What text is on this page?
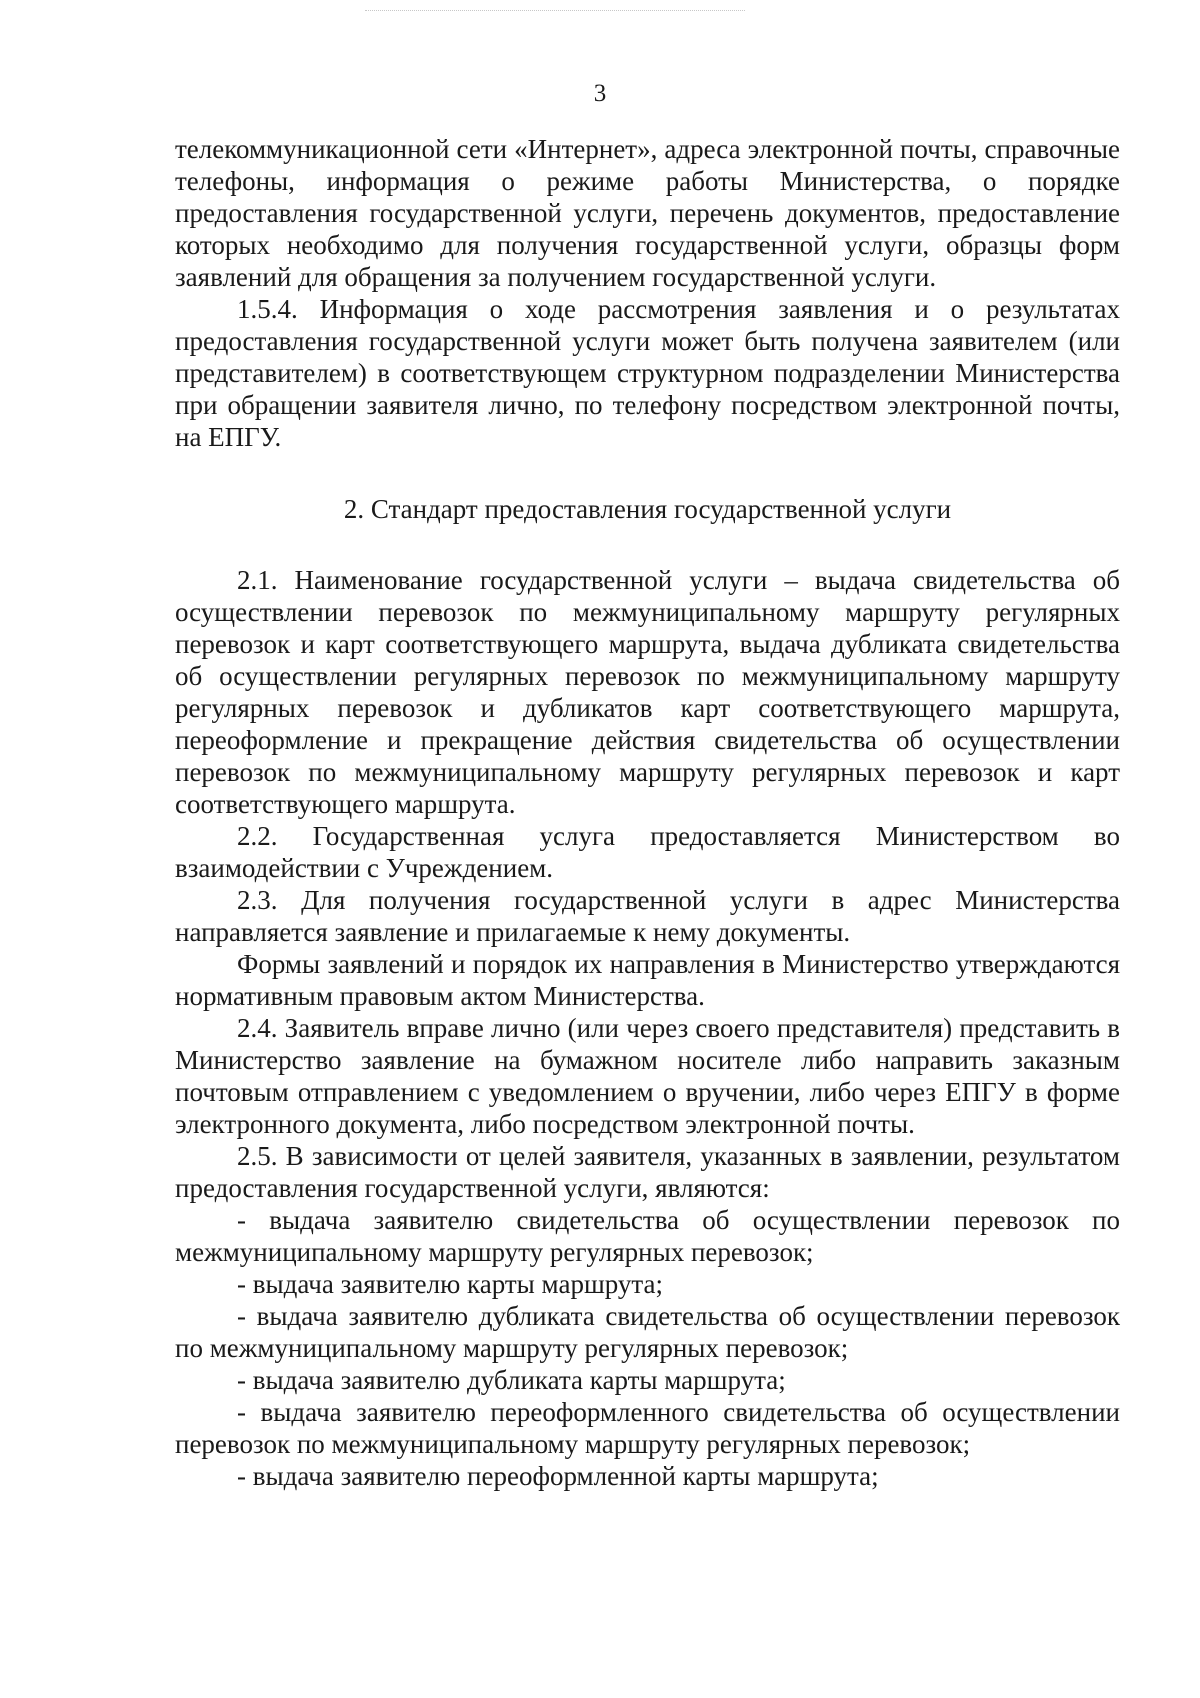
3

телекоммуникационной сети «Интернет», адреса электронной почты, справочные телефоны, информация о режиме работы Министерства, о порядке предоставления государственной услуги, перечень документов, предоставление которых необходимо для получения государственной услуги, образцы форм заявлений для обращения за получением государственной услуги.

1.5.4. Информация о ходе рассмотрения заявления и о результатах предоставления государственной услуги может быть получена заявителем (или представителем) в соответствующем структурном подразделении Министерства при обращении заявителя лично, по телефону посредством электронной почты, на ЕПГУ.

2. Стандарт предоставления государственной услуги

2.1. Наименование государственной услуги – выдача свидетельства об осуществлении перевозок по межмуниципальному маршруту регулярных перевозок и карт соответствующего маршрута, выдача дубликата свидетельства об осуществлении регулярных перевозок по межмуниципальному маршруту регулярных перевозок и дубликатов карт соответствующего маршрута, переоформление и прекращение действия свидетельства об осуществлении перевозок по межмуниципальному маршруту регулярных перевозок и карт соответствующего маршрута.

2.2. Государственная услуга предоставляется Министерством во взаимодействии с Учреждением.

2.3. Для получения государственной услуги в адрес Министерства направляется заявление и прилагаемые к нему документы.

Формы заявлений и порядок их направления в Министерство утверждаются нормативным правовым актом Министерства.

2.4. Заявитель вправе лично (или через своего представителя) представить в Министерство заявление на бумажном носителе либо направить заказным почтовым отправлением с уведомлением о вручении, либо через ЕПГУ в форме электронного документа, либо посредством электронной почты.

2.5. В зависимости от целей заявителя, указанных в заявлении, результатом предоставления государственной услуги, являются:

- выдача заявителю свидетельства об осуществлении перевозок по межмуниципальному маршруту регулярных перевозок;

- выдача заявителю карты маршрута;

- выдача заявителю дубликата свидетельства об осуществлении перевозок по межмуниципальному маршруту регулярных перевозок;

- выдача заявителю дубликата карты маршрута;

- выдача заявителю переоформленного свидетельства об осуществлении перевозок по межмуниципальному маршруту регулярных перевозок;

- выдача заявителю переоформленной карты маршрута;
